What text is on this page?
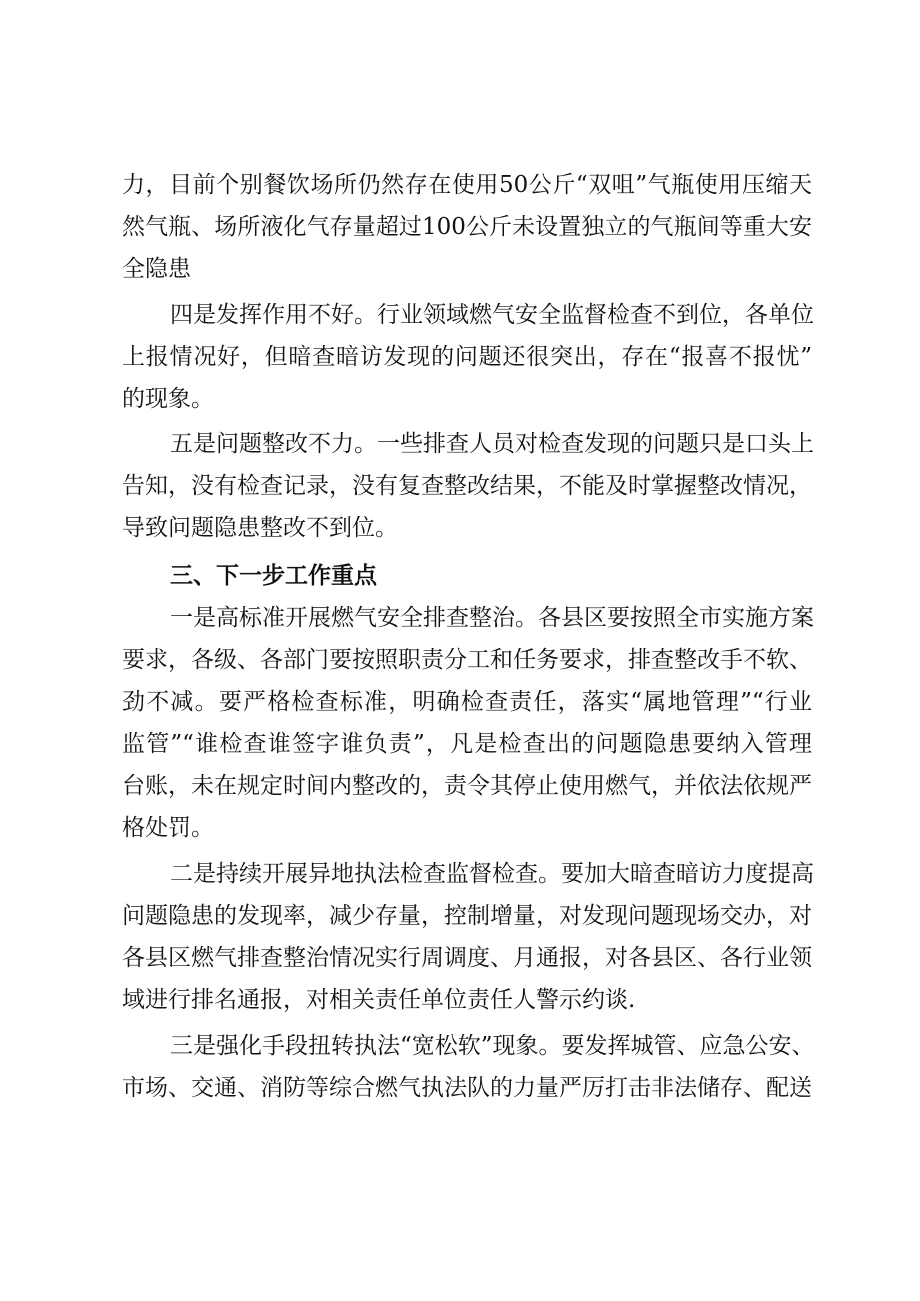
力，目前个别餐饮场所仍然存在使用50公斤“双咀”气瓶使用压缩天
然气瓶、场所液化气存量超过100公斤未设置独立的气瓶间等重大安
全隐患
四是发挥作用不好。行业领域燃气安全监督检查不到位，各单位
上报情况好，但暗查暗访发现的问题还很突出，存在“报喜不报忧”
的现象。
五是问题整改不力。一些排查人员对检查发现的问题只是口头上
告知，没有检查记录，没有复查整改结果，不能及时掌握整改情况，
导致问题隐患整改不到位。
三、下一步工作重点
一是高标准开展燃气安全排查整治。各县区要按照全市实施方案
要求，各级、各部门要按照职责分工和任务要求，排查整改手不软、
劲不减。要严格检查标准，明确检查责任，落实“属地管理”“行业
监管”“谁检查谁签字谁负责”，凡是检查出的问题隐患要纳入管理
台账，未在规定时间内整改的，责令其停止使用燃气，并依法依规严
格处罚。
二是持续开展异地执法检查监督检查。要加大暗查暗访力度提高
问题隐患的发现率，减少存量，控制增量，对发现问题现场交办，对
各县区燃气排查整治情况实行周调度、月通报，对各县区、各行业领
域进行排名通报，对相关责任单位责任人警示约谈.
三是强化手段扭转执法“宽松软”现象。要发挥城管、应急公安、
市场、交通、消防等综合燃气执法队的力量严厉打击非法储存、配送
